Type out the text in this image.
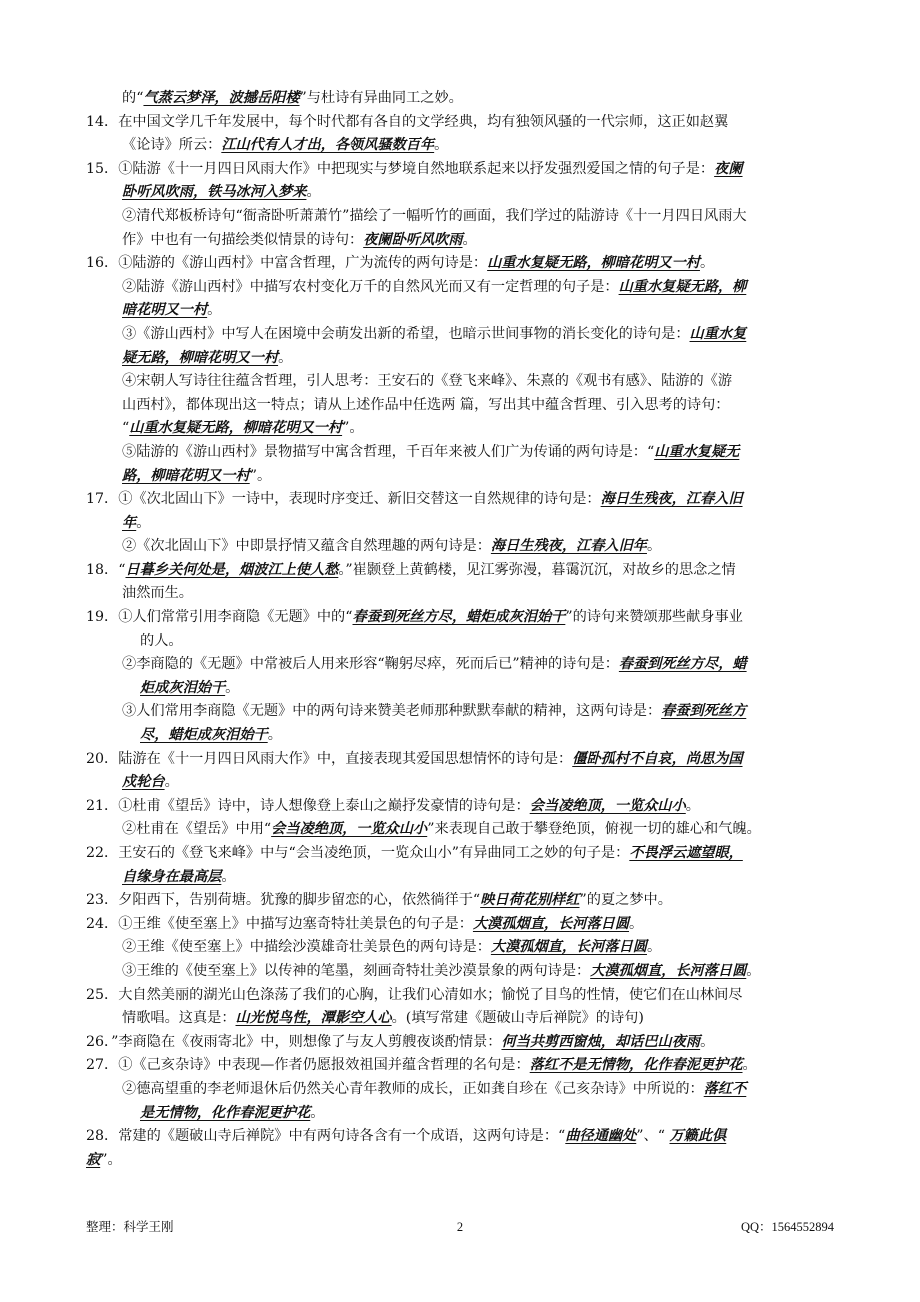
的“气蒸云梦泽，波撼岳阳楼”与杜诗有异曲同工之妙。
14．在中国文学几千年发展中，每个时代都有各自的文学经典，均有独领风骚的一代宗师，这正如赵翼
《论诗》所云：江山代有人才出，各领风骚数百年。
15．①陆游《十一月四日风雨大作》中把现实与梦境自然地联系起来以抒发强烈爱国之情的句子是：夜阑
卧听风吹雨，铁马冰河入梦来。
②清代郑板桥诗句“衙斋卧听萧萧竹”描绘了一幅听竹的画面，我们学过的陆游诗《十一月四日风雨大
作》中也有一句描绘类似情景的诗句：夜阑卧听风吹雨。
16．①陆游的《游山西村》中富含哲理，广为流传的两句诗是：山重水复疑无路，柳暗花明又一村。
②陆游《游山西村》中描写农村变化万千的自然风光而又有一定哲理的句子是：山重水复疑无路，柳
暗花明又一村。
③《游山西村》中写人在困境中会萌发出新的希望，也暗示世间事物的消长变化的诗句是：山重水复
疑无路，柳暗花明又一村。
④宋朝人写诗往往蕴含哲理，引人思考：王安石的《登飞来峰》、朱熹的《观书有感》、陆游的《游
山西村》，都体现出这一特点；请从上述作品中任选两 篇，写出其中蕴含哲理、引入思考的诗句：
“山重水复疑无路，柳暗花明又一村”。
⑤陆游的《游山西村》景物描写中寓含哲理，千百年来被人们广为传诵的两句诗是：“山重水复疑无
路，柳暗花明又一村”。
17．①《次北固山下》一诗中，表现时序变迁、新旧交替这一自然规律的诗句是：海日生残夜，江春入旧
年。
②《次北固山下》中即景抒情又蕴含自然理趣的两句诗是：海日生残夜，江春入旧年。
18．“日暮乡关何处是，烟波江上使人愁。”崔颢登上黄鹤楼，见江雾弥漫，暮霭沉沉，对故乡的思念之情
油然而生。
19．①人们常常引用李商隐《无题》中的“春蚕到死丝方尽，蜡炬成灰泪始干”的诗句来赞颂那些献身事业
的人。
②李商隐的《无题》中常被后人用来形容“鞠躬尽瘁，死而后已”精神的诗句是：春蚕到死丝方尽，蜡
炬成灰泪始干。
③人们常用李商隐《无题》中的两句诗来赞美老师那种默默奉献的精神，这两句诗是：春蚕到死丝方
尽，蜡炬成灰泪始干。
20．陆游在《十一月四日风雨大作》中，直接表现其爱国思想情怀的诗句是：僵卧孤村不自哀，尚思为国
戍轮台。
21．①杜甫《望岳》诗中，诗人想像登上泰山之巅抒发豪情的诗句是：会当凌绝顶，一览众山小。
②杜甫在《望岳》中用“会当凌绝顶，一览众山小”来表现自己敢于攀登绝顶，俯视一切的雄心和气魄。
22．王安石的《登飞来峰》中与“会当凌绝顶，一览众山小”有异曲同工之妙的句子是：不畏浮云遮望眼，
自缘身在最高层。
23．夕阳西下，告别荷塘。犹豫的脚步留恋的心，依然徜徉于“映日荷花别样红”的夏之梦中。
24．①王维《使至塞上》中描写边塞奇特壮美景色的句子是：大漠孤烟直，长河落日圆。
②王维《使至塞上》中描绘沙漠雄奇壮美景色的两句诗是：大漠孤烟直，长河落日圆。
③王维的《使至塞上》以传神的笔墨，刻画奇特壮美沙漠景象的两句诗是：大漠孤烟直，长河落日圆。
25．大自然美丽的湖光山色涤荡了我们的心胸，让我们心清如水；愉悦了目鸟的性情，使它们在山林间尽
情歌唱。这真是：山光悦鸟性，潭影空人心。(填写常建《题破山寺后禅院》的诗句)
26．”李商隐在《夜雨寄北》中，则想像了与友人剪艘夜谈酌情景：何当共剪西窗烛，却话巴山夜雨。
27．①《己亥杂诗》中表现—作者仍愿报效祖国并蕴含哲理的名句是：落红不是无情物，化作春泥更护花。
②德高望重的李老师退休后仍然关心青年教师的成长，正如龚自珍在《己亥杂诗》中所说的：落红不
是无情物，化作春泥更护花。
28．常建的《题破山寺后禅院》中有两句诗各含有一个成语，这两句诗是：“曲径通幽处”、“ 万籁此俱
寂”。
整理：科学王刚	2	QQ：1564552894
